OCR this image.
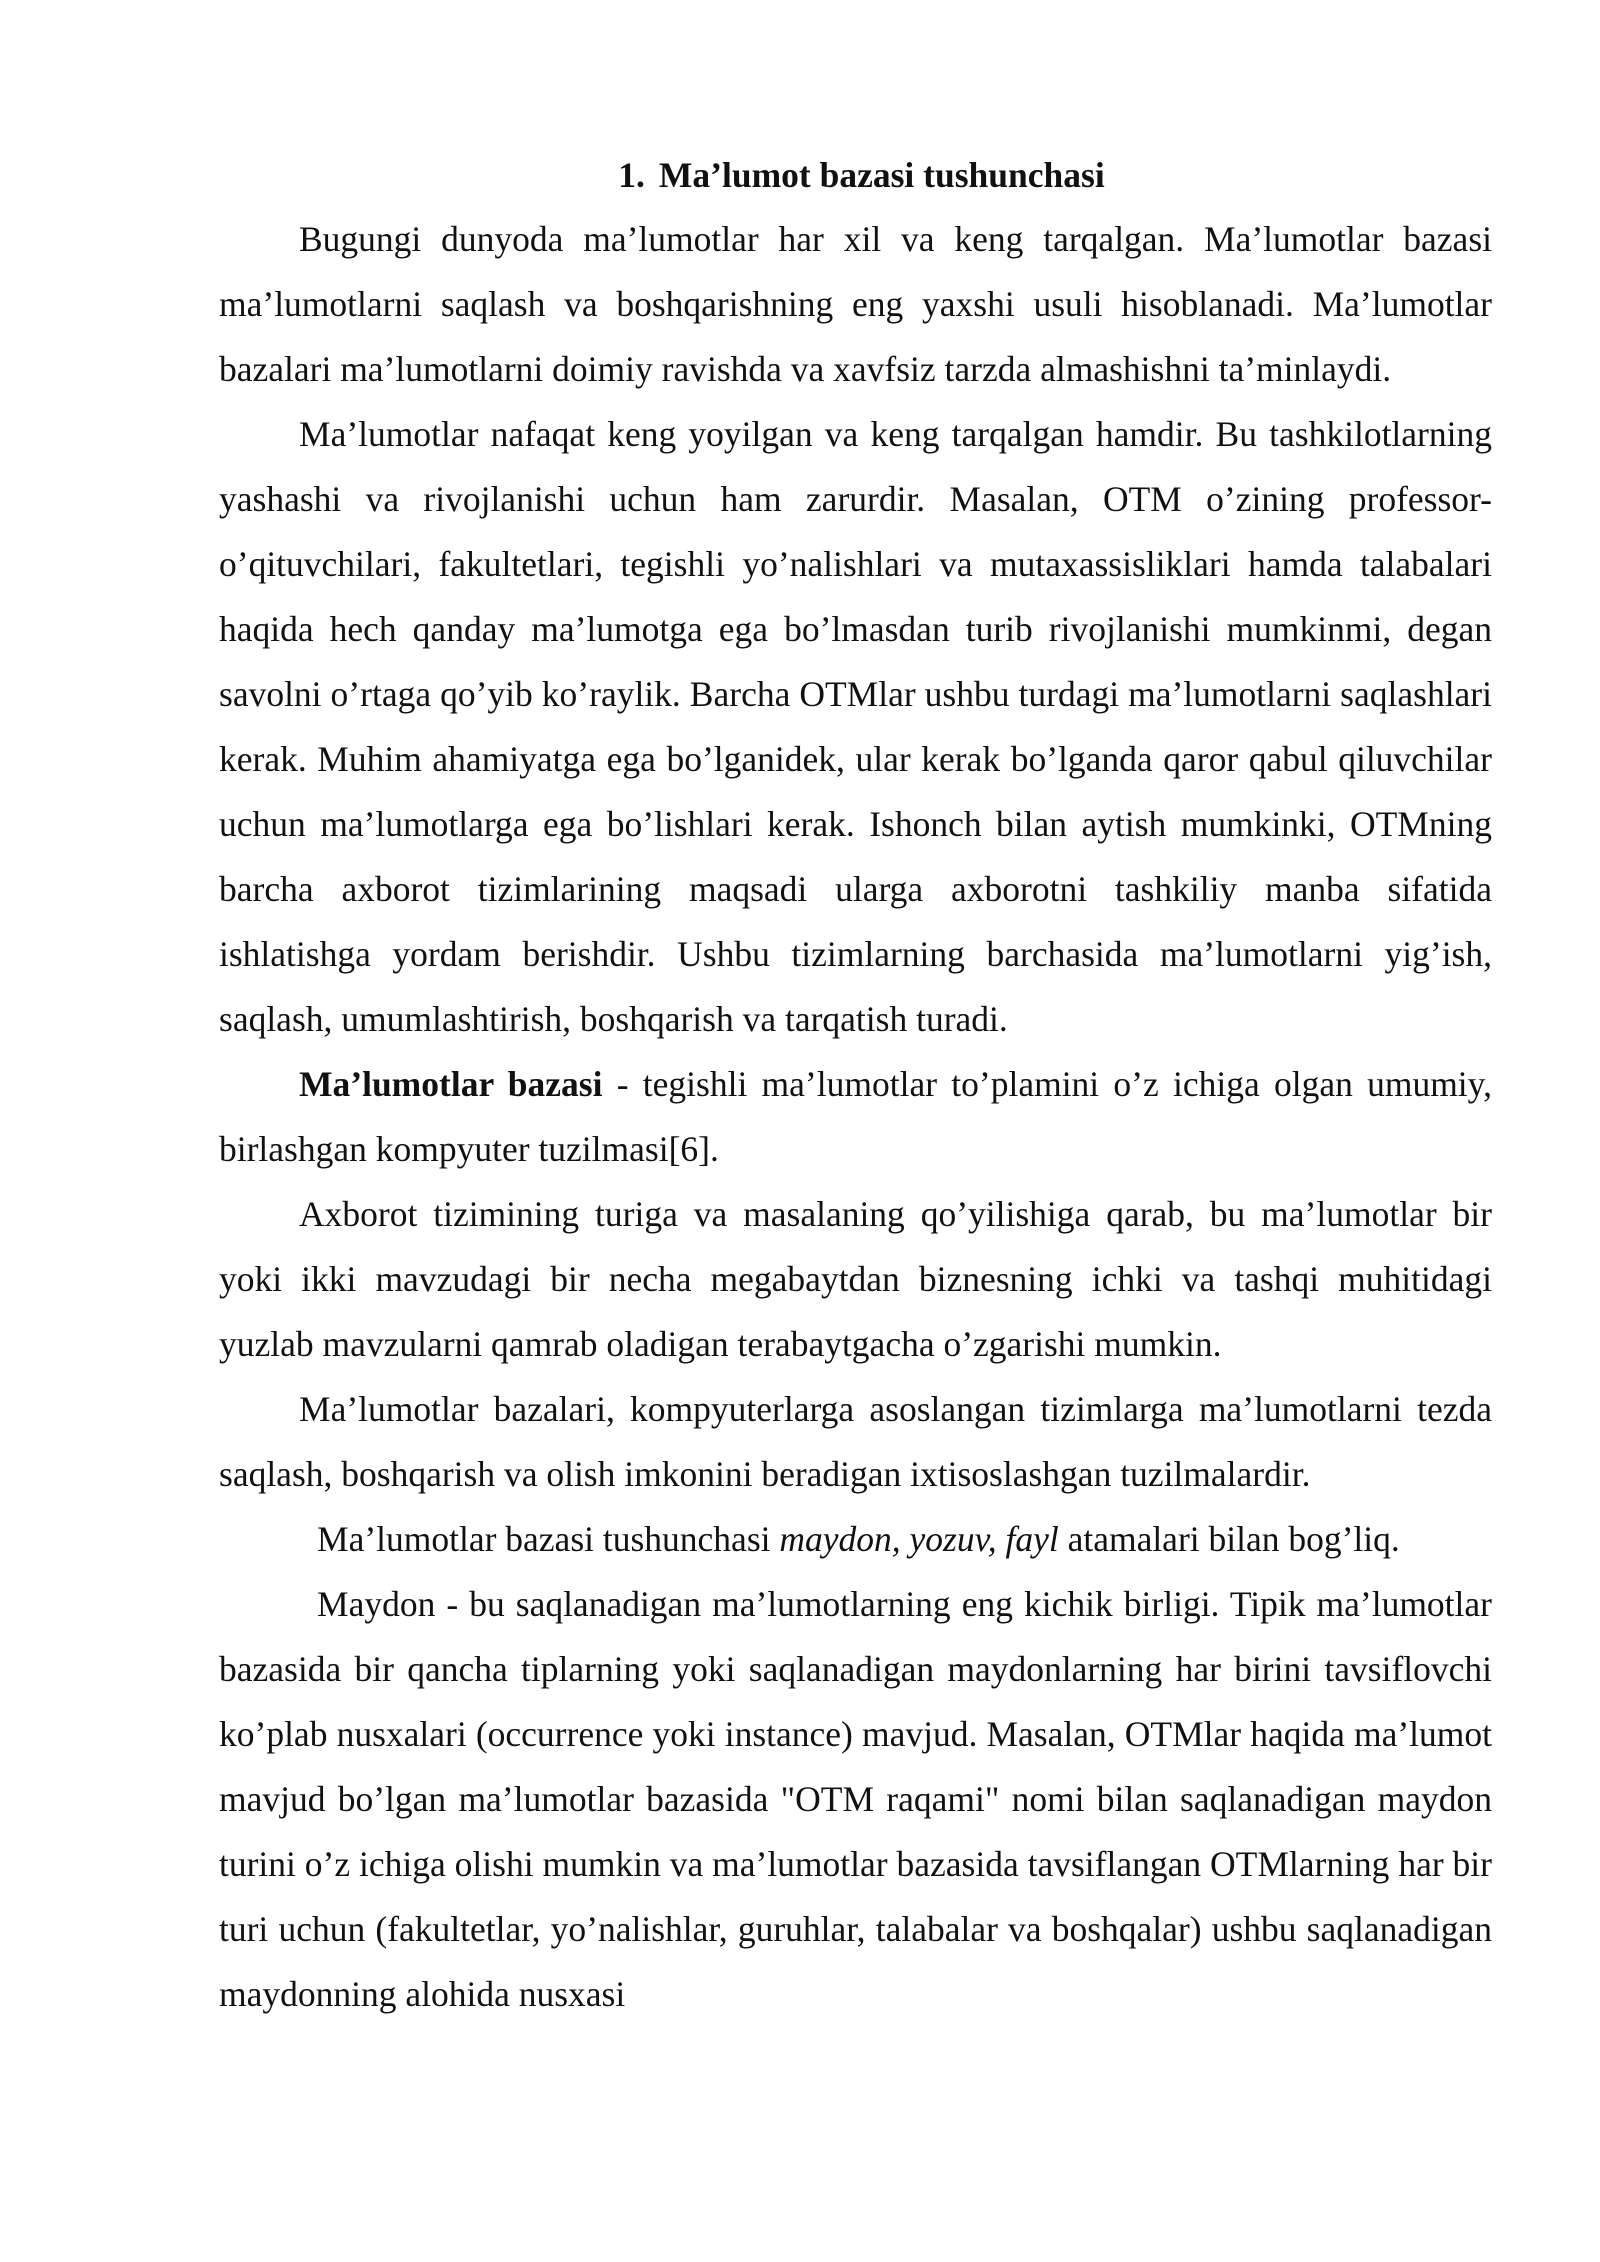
1. Ma’lumot bazasi tushunchasi

Bugungi dunyoda ma’lumotlar har xil va keng tarqalgan. Ma’lumotlar bazasi ma’lumotlarni saqlash va boshqarishning eng yaxshi usuli hisoblanadi. Ma’lumotlar bazalari ma’lumotlarni doimiy ravishda va xavfsiz tarzda almashishni ta’minlaydi.

Ma’lumotlar nafaqat keng yoyilgan va keng tarqalgan hamdir. Bu tashkilotlarning yashashi va rivojlanishi uchun ham zarurdir. Masalan, OTM o’zining professor-o’qituvchilari, fakultetlari, tegishli yo’nalishlari va mutaxassisliklari hamda talabalari haqida hech qanday ma’lumotga ega bo’lmasdan turib rivojlanishi mumkinmi, degan savolni o’rtaga qo’yib ko’raylik. Barcha OTMlar ushbu turdagi ma’lumotlarni saqlashlari kerak. Muhim ahamiyatga ega bo’lganidek, ular kerak bo’lganda qaror qabul qiluvchilar uchun ma’lumotlarga ega bo’lishlari kerak. Ishonch bilan aytish mumkinki, OTMning barcha axborot tizimlarining maqsadi ularga axborotni tashkiliy manba sifatida ishlatishga yordam berishdir. Ushbu tizimlarning barchasida ma’lumotlarni yig’ish, saqlash, umumlashtirish, boshqarish va tarqatish turadi.

Ma’lumotlar bazasi - tegishli ma’lumotlar to’plamini o’z ichiga olgan umumiy, birlashgan kompyuter tuzilmasi[6].

Axborot tizimining turiga va masalaning qo’yilishiga qarab, bu ma’lumotlar bir yoki ikki mavzudagi bir necha megabaytdan biznesning ichki va tashqi muhitidagi yuzlab mavzularni qamrab oladigan terabaytgacha o’zgarishi mumkin.

Ma’lumotlar bazalari, kompyuterlarga asoslangan tizimlarga ma’lumotlarni tezda saqlash, boshqarish va olish imkonini beradigan ixtisoslashgan tuzilmalardir.

Ma’lumotlar bazasi tushunchasi maydon, yozuv, fayl atamalari bilan bog’liq.

Maydon - bu saqlanadigan ma’lumotlarning eng kichik birligi. Tipik ma’lumotlar bazasida bir qancha tiplarning yoki saqlanadigan maydonlarning har birini tavsiflovchi ko’plab nusxalari (occurrence yoki instance) mavjud. Masalan, OTMlar haqida ma’lumot mavjud bo’lgan ma’lumotlar bazasida "OTM raqami" nomi bilan saqlanadigan maydon turini o’z ichiga olishi mumkin va ma’lumotlar bazasida tavsiflangan OTMlarning har bir turi uchun (fakultetlar, yo’nalishlar, guruhlar, talabalar va boshqalar) ushbu saqlanadigan maydonning alohida nusxasi
